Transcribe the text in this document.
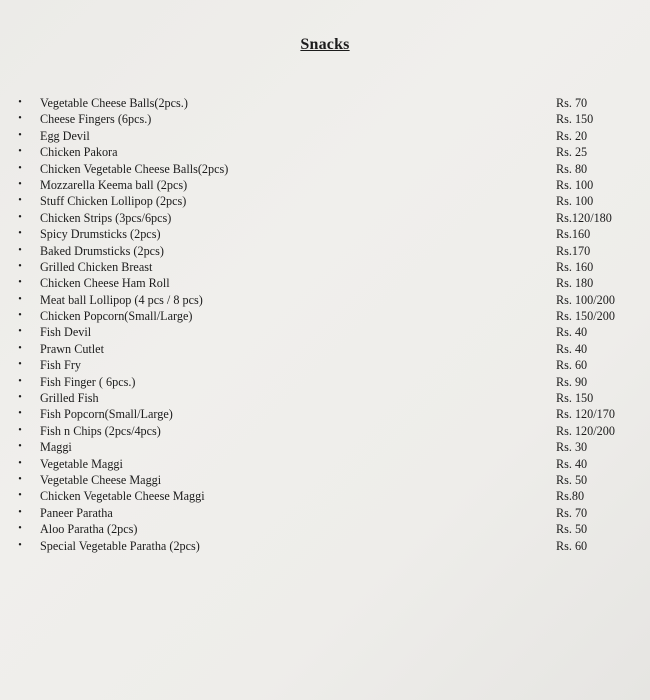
Snacks
•	Vegetable Cheese Balls(2pcs.)	Rs. 70
•	Cheese Fingers (6pcs.)	Rs. 150
•	Egg Devil	Rs. 20
•	Chicken Pakora	Rs. 25
•	Chicken Vegetable Cheese Balls(2pcs)	Rs. 80
•	Mozzarella Keema ball (2pcs)	Rs. 100
•	Stuff Chicken Lollipop (2pcs)	Rs. 100
•	Chicken Strips (3pcs/6pcs)	Rs.120/180
•	Spicy Drumsticks (2pcs)	Rs.160
•	Baked Drumsticks (2pcs)	Rs.170
•	Grilled Chicken Breast	Rs. 160
•	Chicken Cheese Ham Roll	Rs. 180
•	Meat ball Lollipop (4 pcs / 8 pcs)	Rs. 100/200
•	Chicken Popcorn(Small/Large)	Rs. 150/200
•	Fish Devil	Rs. 40
•	Prawn Cutlet	Rs. 40
•	Fish Fry	Rs. 60
•	Fish Finger ( 6pcs.)	Rs. 90
•	Grilled Fish	Rs. 150
•	Fish Popcorn(Small/Large)	Rs. 120/170
•	Fish n Chips (2pcs/4pcs)	Rs. 120/200
•	Maggi	Rs. 30
•	Vegetable Maggi	Rs. 40
•	Vegetable Cheese Maggi	Rs. 50
•	Chicken Vegetable Cheese Maggi	Rs.80
•	Paneer Paratha	Rs. 70
•	Aloo Paratha (2pcs)	Rs. 50
•	Special Vegetable Paratha (2pcs)	Rs. 60
